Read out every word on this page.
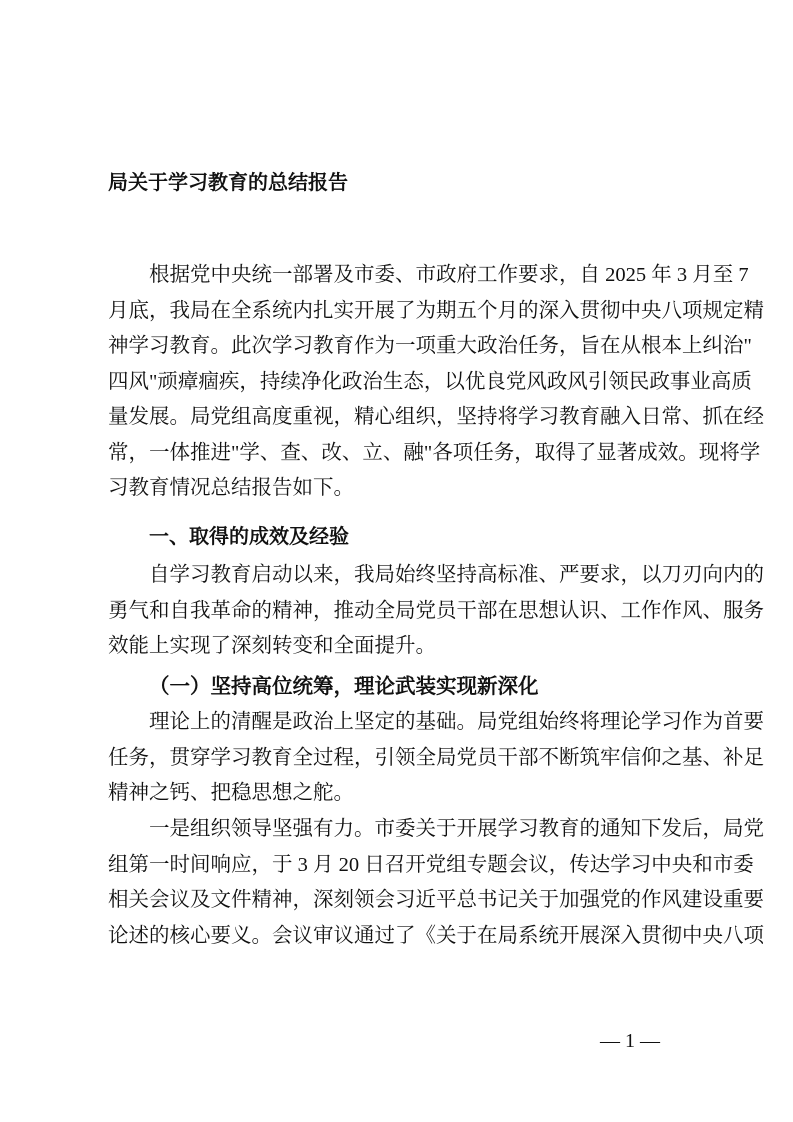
局关于学习教育的总结报告
根据党中央统一部署及市委、市政府工作要求，自 2025 年 3 月至 7
月底，我局在全系统内扎实开展了为期五个月的深入贯彻中央八项规定精
神学习教育。此次学习教育作为一项重大政治任务，旨在从根本上纠治"
四风"顽瘴痼疾，持续净化政治生态，以优良党风政风引领民政事业高质
量发展。局党组高度重视，精心组织，坚持将学习教育融入日常、抓在经
常，一体推进"学、查、改、立、融"各项任务，取得了显著成效。现将学
习教育情况总结报告如下。
一、取得的成效及经验
自学习教育启动以来，我局始终坚持高标准、严要求，以刀刃向内的
勇气和自我革命的精神，推动全局党员干部在思想认识、工作作风、服务
效能上实现了深刻转变和全面提升。
（一）坚持高位统筹，理论武装实现新深化
理论上的清醒是政治上坚定的基础。局党组始终将理论学习作为首要
任务，贯穿学习教育全过程，引领全局党员干部不断筑牢信仰之基、补足
精神之钙、把稳思想之舵。
一是组织领导坚强有力。市委关于开展学习教育的通知下发后，局党
组第一时间响应，于 3 月 20 日召开党组专题会议，传达学习中央和市委
相关会议及文件精神，深刻领会习近平总书记关于加强党的作风建设重要
论述的核心要义。会议审议通过了《关于在局系统开展深入贯彻中央八项
— 1 —
